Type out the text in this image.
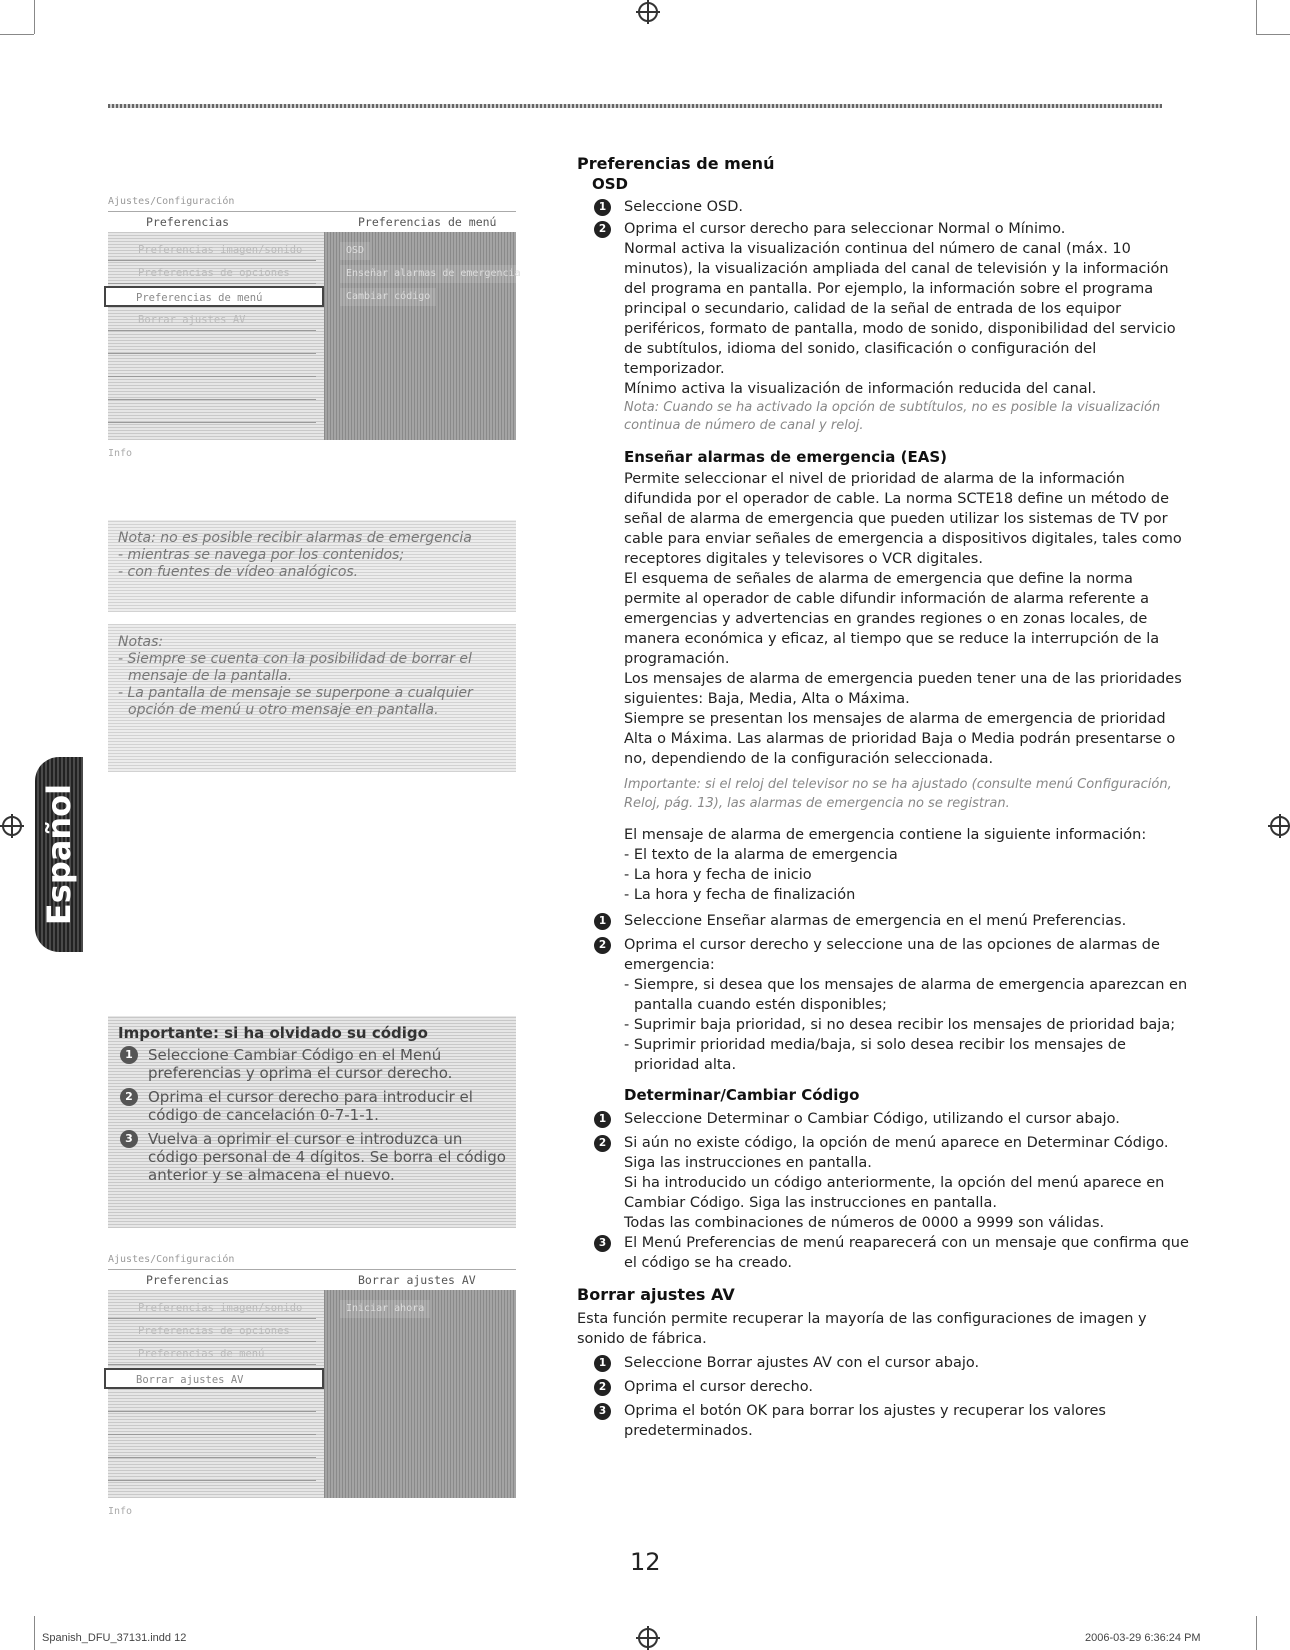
Ajustes/Configuración
Preferencias	Preferencias de menú
Preferencias imagen/sonido
Preferencias de opciones
Preferencias de menú
Borrar ajustes AV
OSD
Enseñar alarmas de emergencia
Cambiar código
Info

Nota: no es posible recibir alarmas de emergencia

- mientras se navega por los contenidos;

- con fuentes de vídeo analógicos.

Notas:

- Siempre se cuenta con la posibilidad de borrar el

mensaje de la pantalla.

- La pantalla de mensaje se superpone a cualquier

opción de menú u otro mensaje en pantalla.

Español
Importante: si ha olvidado su código
1	Seleccione Cambiar Código en el Menú preferencias y oprima el cursor derecho.
2	Oprima el cursor derecho para introducir el código de cancelación 0-7-1-1.
3	Vuelva a oprimir el cursor e introduzca un código personal de 4 dígitos. Se borra el código anterior y se almacena el nuevo.
Ajustes/Configuración
Preferencias	Borrar ajustes AV
Preferencias imagen/sonido
Preferencias de opciones
Preferencias de menú
Borrar ajustes AV
Iniciar ahora
Info

Preferencias de menú

OSD

1	Seleccione OSD.
2	Oprima el cursor derecho para seleccionar Normal o Mínimo.

Normal activa la visualización continua del número de canal (máx. 10 minutos), la visualización ampliada del canal de televisión y la información del programa en pantalla. Por ejemplo, la información sobre el programa principal o secundario, calidad de la señal de entrada de los equipor periféricos, formato de pantalla, modo de sonido, disponibilidad del servicio de subtítulos, idioma del sonido, clasificación o configuración del temporizador.

Mínimo activa la visualización de información reducida del canal.

Nota: Cuando se ha activado la opción de subtítulos, no es posible la visualización continua de número de canal y reloj.

Enseñar alarmas de emergencia (EAS)

Permite seleccionar el nivel de prioridad de alarma de la información difundida por el operador de cable. La norma SCTE18 define un método de señal de alarma de emergencia que pueden utilizar los sistemas de TV por cable para enviar señales de emergencia a dispositivos digitales, tales como receptores digitales y televisores o VCR digitales.

El esquema de señales de alarma de emergencia que define la norma permite al operador de cable difundir información de alarma referente a emergencias y advertencias en grandes regiones o en zonas locales, de manera económica y eficaz, al tiempo que se reduce la interrupción de la programación.

Los mensajes de alarma de emergencia pueden tener una de las prioridades siguientes: Baja, Media, Alta o Máxima.

Siempre se presentan los mensajes de alarma de emergencia de prioridad Alta o Máxima. Las alarmas de prioridad Baja o Media podrán presentarse o no, dependiendo de la configuración seleccionada.

Importante: si el reloj del televisor no se ha ajustado (consulte menú Configuración, Reloj, pág. 13), las alarmas de emergencia no se registran.

El mensaje de alarma de emergencia contiene la siguiente información:

- El texto de la alarma de emergencia

- La hora y fecha de inicio

- La hora y fecha de finalización

1	Seleccione Enseñar alarmas de emergencia en el menú Preferencias.
2	Oprima el cursor derecho y seleccione una de las opciones de alarmas de emergencia:

- Siempre, si desea que los mensajes de alarma de emergencia aparezcan en pantalla cuando estén disponibles;

- Suprimir baja prioridad, si no desea recibir los mensajes de prioridad baja;

- Suprimir prioridad media/baja, si solo desea recibir los mensajes de prioridad alta.

Determinar/Cambiar Código

1	Seleccione Determinar o Cambiar Código, utilizando el cursor abajo.
2	Si aún no existe código, la opción de menú aparece en Determinar Código. Siga las instrucciones en pantalla.

Si ha introducido un código anteriormente, la opción del menú aparece en Cambiar Código. Siga las instrucciones en pantalla.

Todas las combinaciones de números de 0000 a 9999 son válidas.

3	El Menú Preferencias de menú reaparecerá con un mensaje que confirma que el código se ha creado.

Borrar ajustes AV

Esta función permite recuperar la mayoría de las configuraciones de imagen y sonido de fábrica.

1	Seleccione Borrar ajustes AV con el cursor abajo.
2	Oprima el cursor derecho.
3	Oprima el botón OK para borrar los ajustes y recuperar los valores predeterminados.
12
Spanish_DFU_37131.indd 12	2006-03-29 6:36:24 PM
